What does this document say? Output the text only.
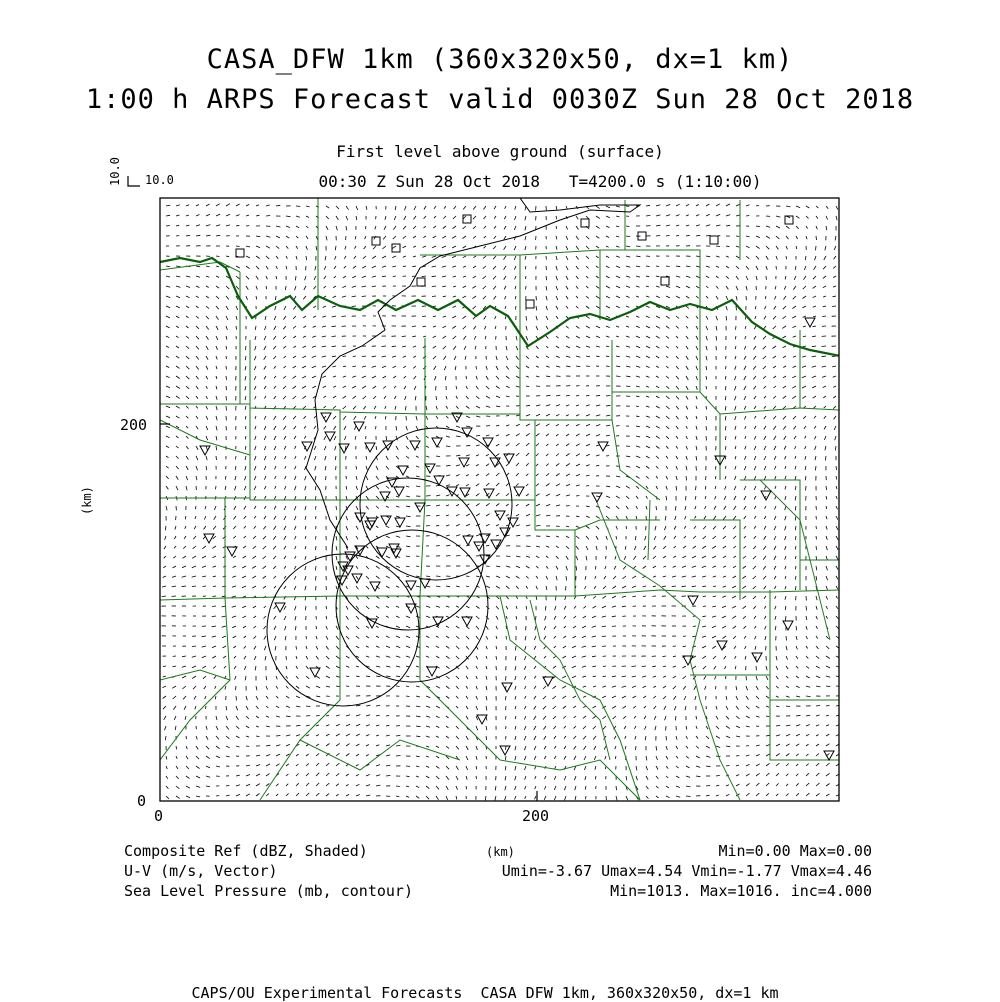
CASA_DFW 1km (360x320x50, dx=1 km)
1:00 h ARPS Forecast valid 0030Z Sun 28 Oct 2018
First level above ground (surface)
00:30 Z Sun 28 Oct 2018   T=4200.0 s (1:10:00)
10.0
10.0
0
200
0	200
(km)
Composite Ref (dBZ, Shaded)	(km)	Min=0.00 Max=0.00
U-V (m/s, Vector)	Umin=-3.67 Umax=4.54 Vmin=-1.77 Vmax=4.46
Sea Level Pressure (mb, contour)	Min=1013. Max=1016. inc=4.000
CAPS/OU Experimental Forecasts  CASA DFW 1km, 360x320x50, dx=1 km
